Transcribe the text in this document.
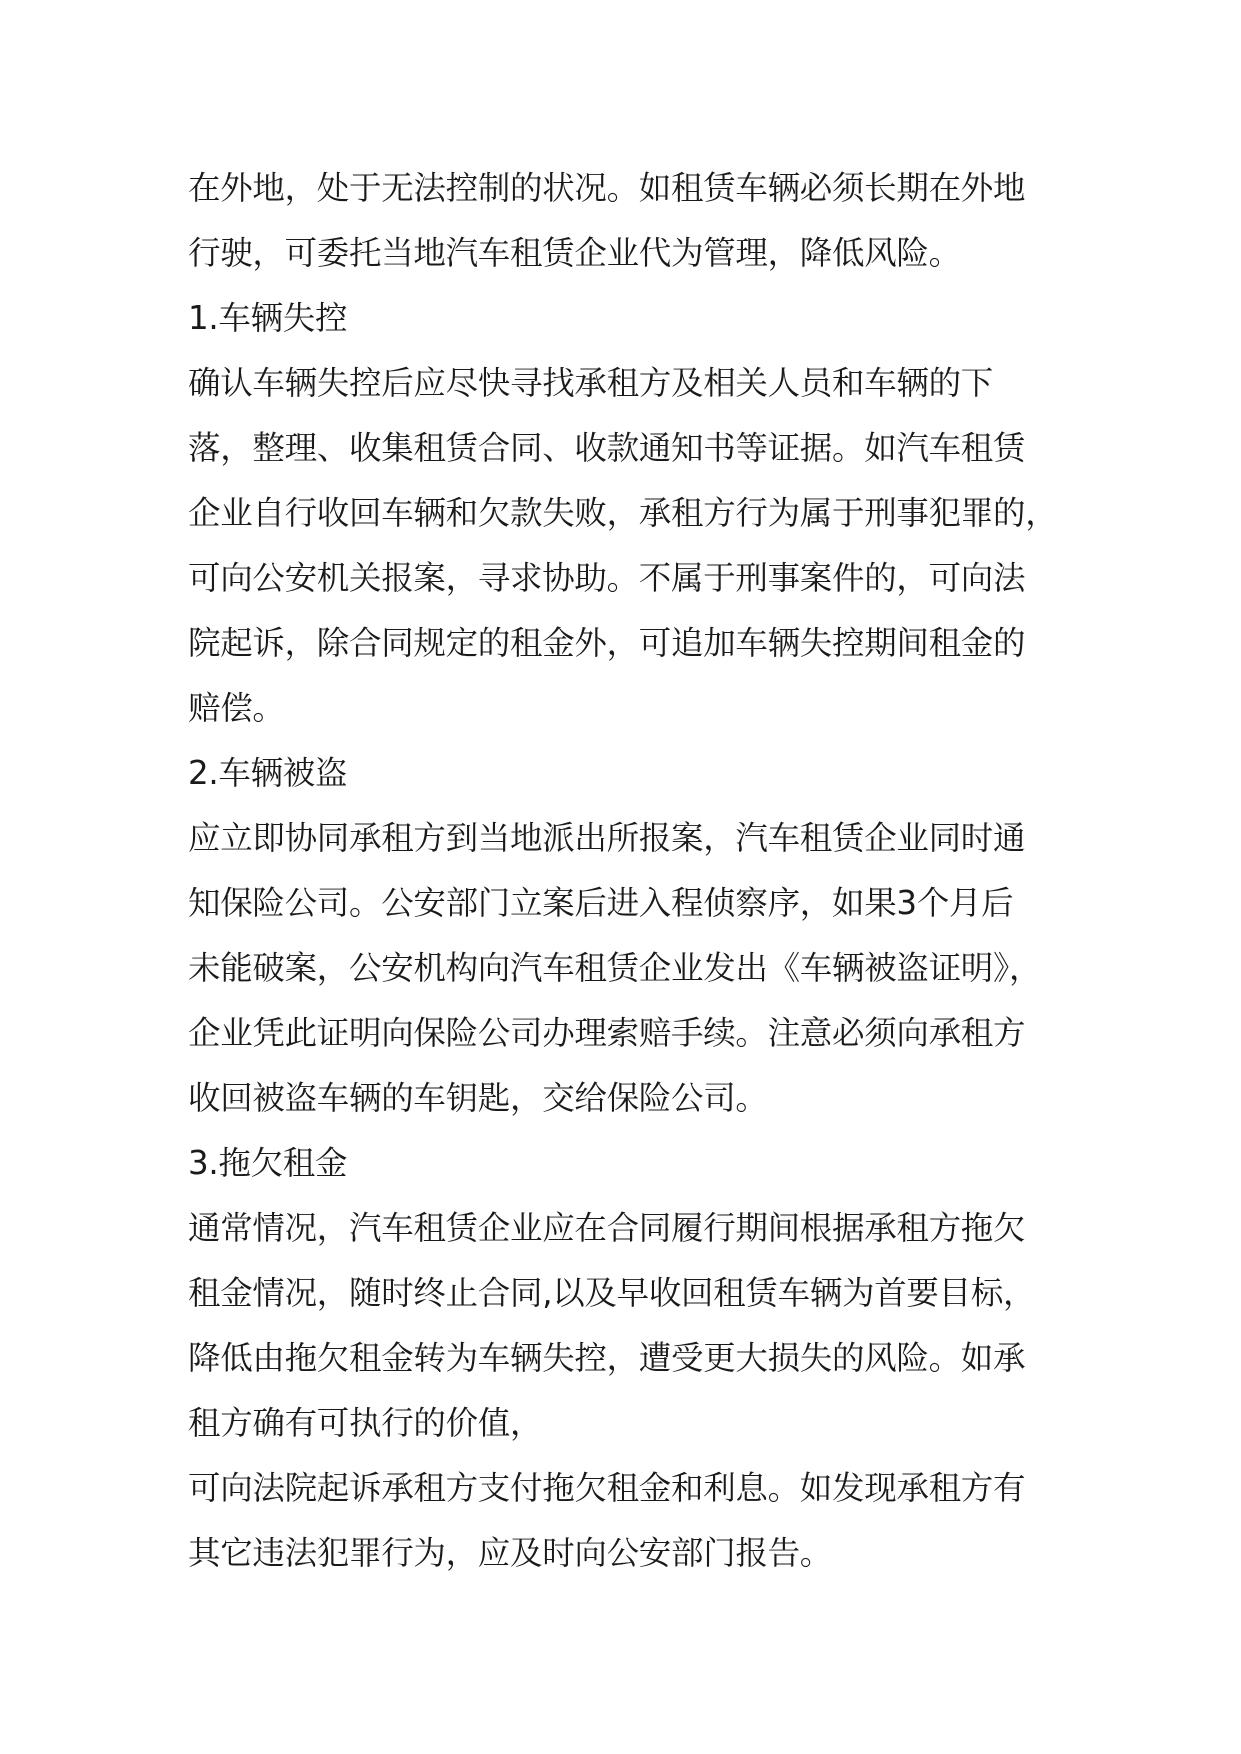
在外地，处于无法控制的状况。如租赁车辆必须长期在外地
行驶，可委托当地汽车租赁企业代为管理，降低风险。
1.车辆失控
确认车辆失控后应尽快寻找承租方及相关人员和车辆的下
落，整理、收集租赁合同、收款通知书等证据。如汽车租赁
企业自行收回车辆和欠款失败，承租方行为属于刑事犯罪的，
可向公安机关报案，寻求协助。不属于刑事案件的，可向法
院起诉，除合同规定的租金外，可追加车辆失控期间租金的
赔偿。
2.车辆被盗
应立即协同承租方到当地派出所报案，汽车租赁企业同时通
知保险公司。公安部门立案后进入程侦察序，如果3个月后
未能破案，公安机构向汽车租赁企业发出《车辆被盗证明》，
企业凭此证明向保险公司办理索赔手续。注意必须向承租方
收回被盗车辆的车钥匙，交给保险公司。
3.拖欠租金
通常情况，汽车租赁企业应在合同履行期间根据承租方拖欠
租金情况，随时终止合同,以及早收回租赁车辆为首要目标，
降低由拖欠租金转为车辆失控，遭受更大损失的风险。如承
租方确有可执行的价值，
可向法院起诉承租方支付拖欠租金和利息。如发现承租方有
其它违法犯罪行为，应及时向公安部门报告。
